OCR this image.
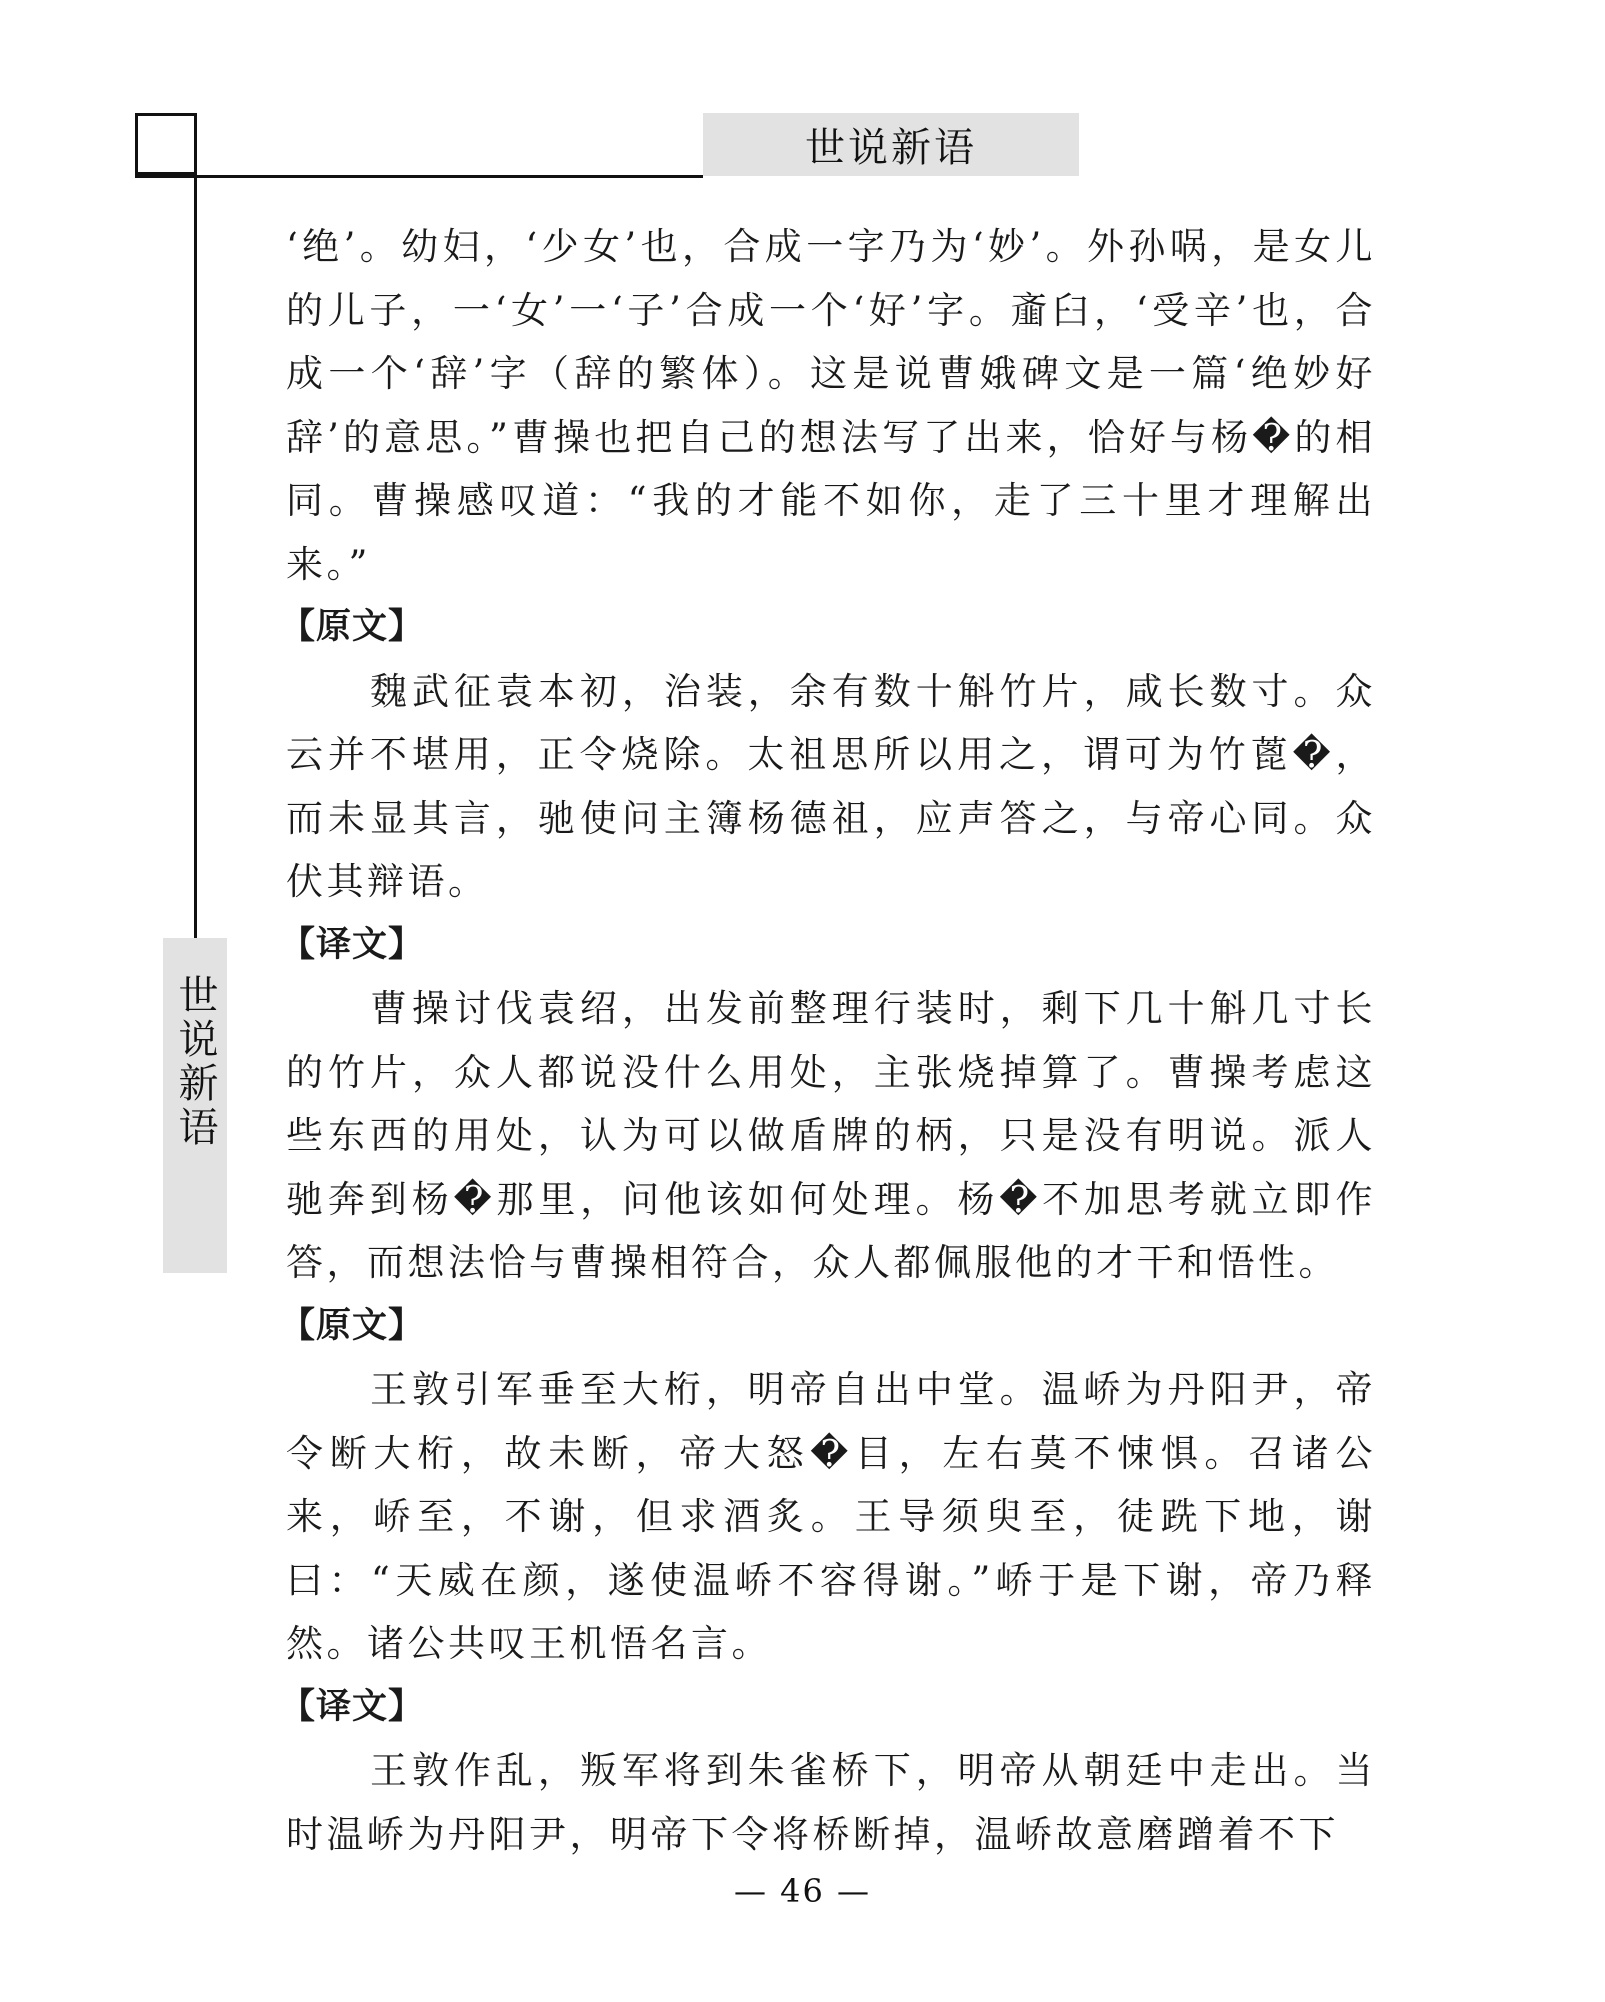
世说新语
世说新语

‘绝’。幼妇，‘少女’也，合成一字乃为‘妙’。外孙㖞，是女儿的儿子，一‘女’一‘子’合成一个‘好’字。齑臼，‘受辛’也，合成一个‘辞’字（辞的繁体）。这是说曹娥碑文是一篇‘绝妙好辞’的意思。”曹操也把自己的想法写了出来，恰好与杨�的相同。曹操感叹道：“我的才能不如你，走了三十里才理解出来。”

【原文】

魏武征袁本初，治装，余有数十斛竹片，咸长数寸。众云并不堪用，正令烧除。太祖思所以用之，谓可为竹蓖�，而未显其言，驰使问主簿杨德祖，应声答之，与帝心同。众伏其辩语。

【译文】

曹操讨伐袁绍，出发前整理行装时，剩下几十斛几寸长的竹片，众人都说没什么用处，主张烧掉算了。曹操考虑这些东西的用处，认为可以做盾牌的柄，只是没有明说。派人驰奔到杨�那里，问他该如何处理。杨�不加思考就立即作答，而想法恰与曹操相符合，众人都佩服他的才干和悟性。

【原文】

王敦引军垂至大桁，明帝自出中堂。温峤为丹阳尹，帝令断大桁，故未断，帝大怒�目，左右莫不悚惧。召诸公来，峤至，不谢，但求酒炙。王导须臾至，徒跣下地，谢曰：“天威在颜，遂使温峤不容得谢。”峤于是下谢，帝乃释然。诸公共叹王机悟名言。

【译文】

王敦作乱，叛军将到朱雀桥下，明帝从朝廷中走出。当时温峤为丹阳尹，明帝下令将桥断掉，温峤故意磨蹭着不下

— 46 —
